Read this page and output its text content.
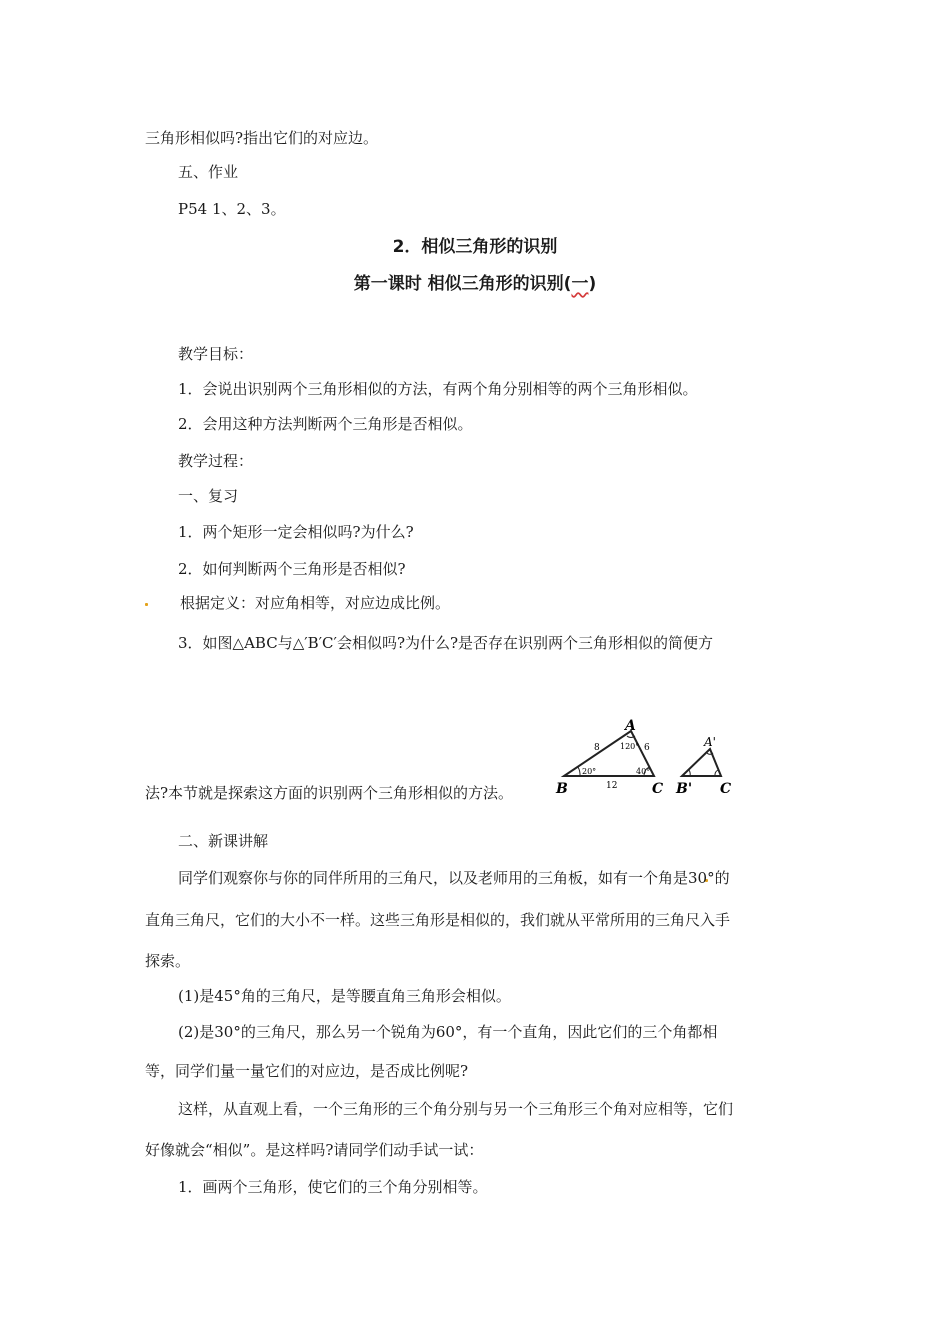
三角形相似吗?指出它们的对应边。
五、作业
P54 1、2、3。
2．相似三角形的识别
第一课时 相似三角形的识别(一)
教学目标：
1．会说出识别两个三角形相似的方法，有两个角分别相等的两个三角形相似。
2．会用这种方法判断两个三角形是否相似。
教学过程：
一、复习
1．两个矩形一定会相似吗?为什么?
2．如何判断两个三角形是否相似?
根据定义：对应角相等，对应边成比例。
3．如图△ABC与△′B′C′会相似吗?为什么?是否存在识别两个三角形相似的简便方
A
B	C
8	6
12
120°
20°	40°
A'
B' C
法?本节就是探索这方面的识别两个三角形相似的方法。
二、新课讲解
同学们观察你与你的同伴所用的三角尺，以及老师用的三角板，如有一个角是30°的
直角三角尺，它们的大小不一样。这些三角形是相似的，我们就从平常所用的三角尺入手
探索。
(1)是45°角的三角尺，是等腰直角三角形会相似。
(2)是30°的三角尺，那么另一个锐角为60°，有一个直角，因此它们的三个角都相
等，同学们量一量它们的对应边，是否成比例呢?
这样，从直观上看，一个三角形的三个角分别与另一个三角形三个角对应相等，它们
好像就会“相似”。是这样吗?请同学们动手试一试：
1．画两个三角形，使它们的三个角分别相等。
